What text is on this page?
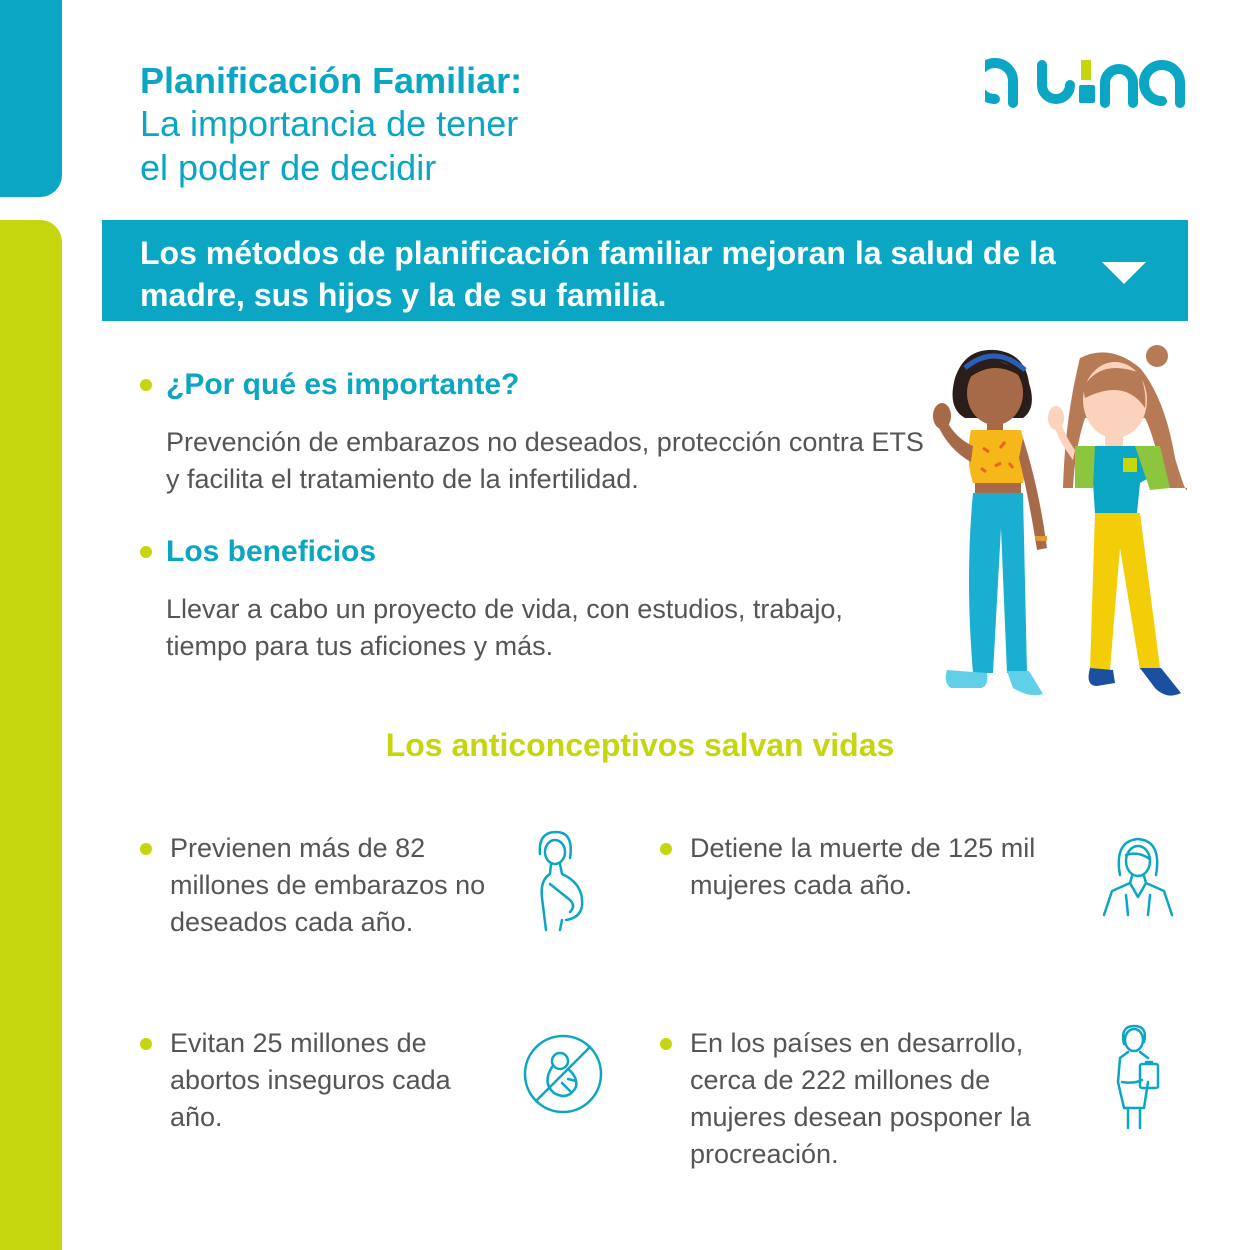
Planificación Familiar:
La importancia de tener
el poder de decidir

Los métodos de planificación familiar mejoran la salud de la madre, sus hijos y la de su familia.

¿Por qué es importante?

Prevención de embarazos no deseados, protección contra ETS y facilita el tratamiento de la infertilidad.

Los beneficios

Llevar a cabo un proyecto de vida, con estudios, trabajo, tiempo para tus aficiones y más.

Los anticonceptivos salvan vidas

Previenen más de 82 millones de embarazos no deseados cada año.

Detiene la muerte de 125 mil mujeres cada año.

Evitan 25 millones de abortos inseguros cada año.

En los países en desarrollo, cerca de 222 millones de mujeres desean posponer la procreación.
